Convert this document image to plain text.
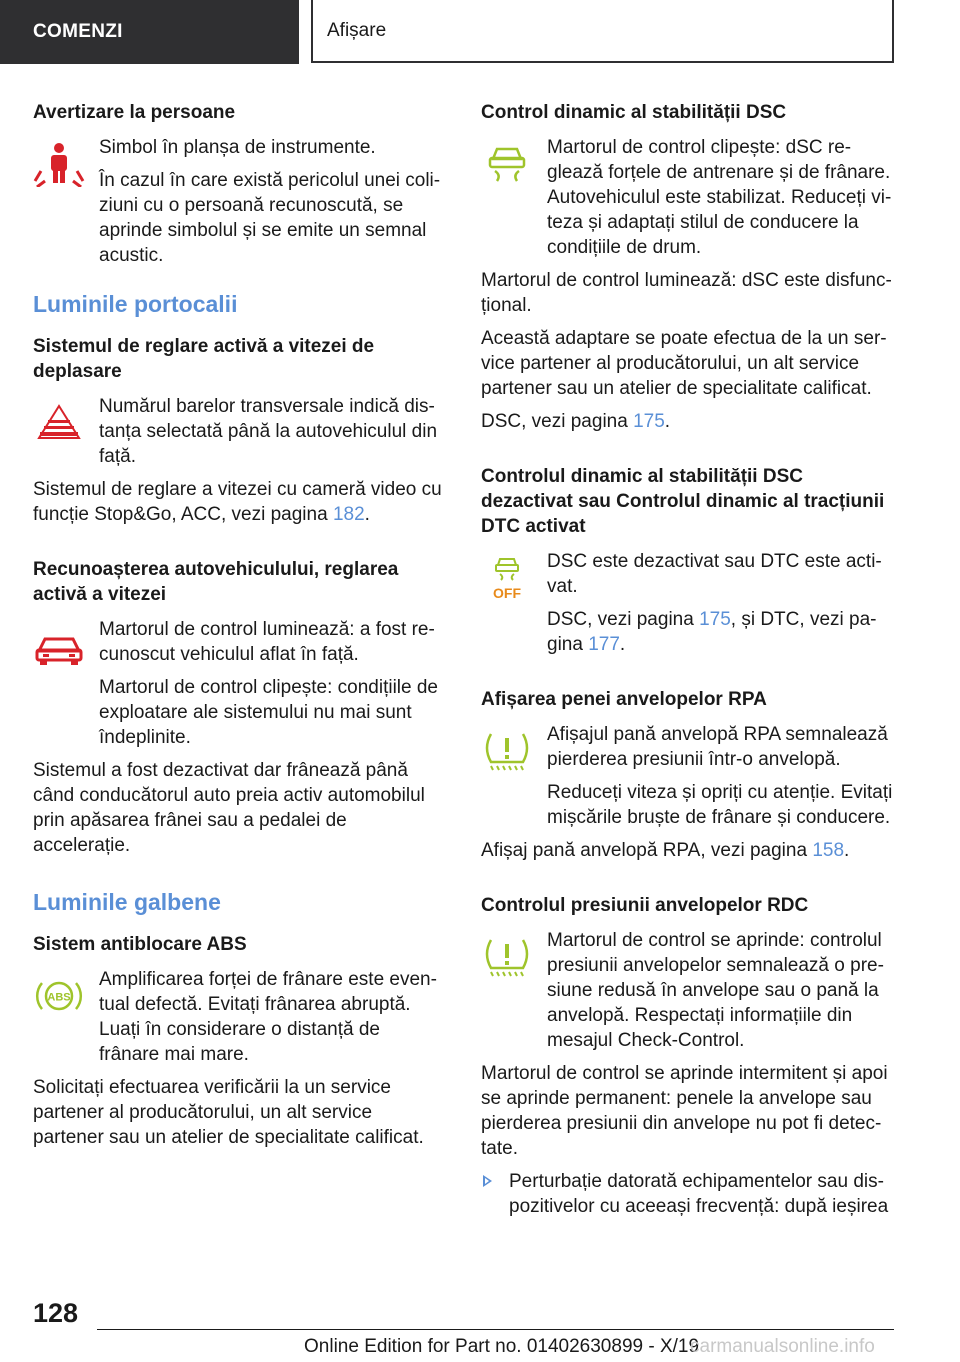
COMENZI	Afișare

Avertizare la persoane

Simbol în planșa de instrumente.

În cazul în care există pericolul unei coliziuni cu o persoană recunoscută, se aprinde simbolul și se emite un semnal acustic.

Luminile portocalii

Sistemul de reglare activă a vitezei de deplasare

Numărul barelor transversale indică distanța selectată până la autovehiculul din față.

Sistemul de reglare a vitezei cu cameră video cu funcție Stop&Go, ACC, vezi pagina 182.

Recunoașterea autovehiculului, reglarea activă a vitezei

Martorul de control luminează: a fost recunoscut vehiculul aflat în față.

Martorul de control clipește: condițiile de exploatare ale sistemului nu mai sunt îndeplinite.

Sistemul a fost dezactivat dar frânează până când conducătorul auto preia activ automobilul prin apăsarea frânei sau a pedalei de accelerație.

Luminile galbene

Sistem antiblocare ABS

ABS

Amplificarea forței de frânare este eventual defectă. Evitați frânarea abruptă. Luați în considerare o distanță de frânare mai mare.

Solicitați efectuarea verificării la un service partener al producătorului, un alt service partener sau un atelier de specialitate calificat.

Control dinamic al stabilității DSC

Martorul de control clipește: dSC reglează forțele de antrenare și de frânare. Autovehiculul este stabilizat. Reduceți viteza și adaptați stilul de conducere la condițiile de drum.

Martorul de control luminează: dSC este disfuncțional.

Această adaptare se poate efectua de la un service partener al producătorului, un alt service partener sau un atelier de specialitate calificat.

DSC, vezi pagina 175.

Controlul dinamic al stabilității DSC dezactivat sau Controlul dinamic al tracțiunii DTC activat

OFF

DSC este dezactivat sau DTC este activat.

DSC, vezi pagina 175, și DTC, vezi pagina 177.

Afișarea penei anvelopelor RPA

Afișajul pană anvelopă RPA semnalează pierderea presiunii într-o anvelopă.

Reduceți viteza și opriți cu atenție. Evitați mișcările bruște de frânare și conducere.

Afișaj pană anvelopă RPA, vezi pagina 158.

Controlul presiunii anvelopelor RDC

Martorul de control se aprinde: controlul presiunii anvelopelor semnalează o presiune redusă în anvelope sau o pană la anvelopă. Respectați informațiile din mesajul Check-Control.

Martorul de control se aprinde intermitent și apoi se aprinde permanent: penele la anvelope sau pierderea presiunii din anvelope nu pot fi detectate.

Perturbație datorată echipamentelor sau dispozitivelor cu aceeași frecvență: după ieșirea
128
Online Edition for Part no. 01402630899 - X/19
carmanualsonline.info
